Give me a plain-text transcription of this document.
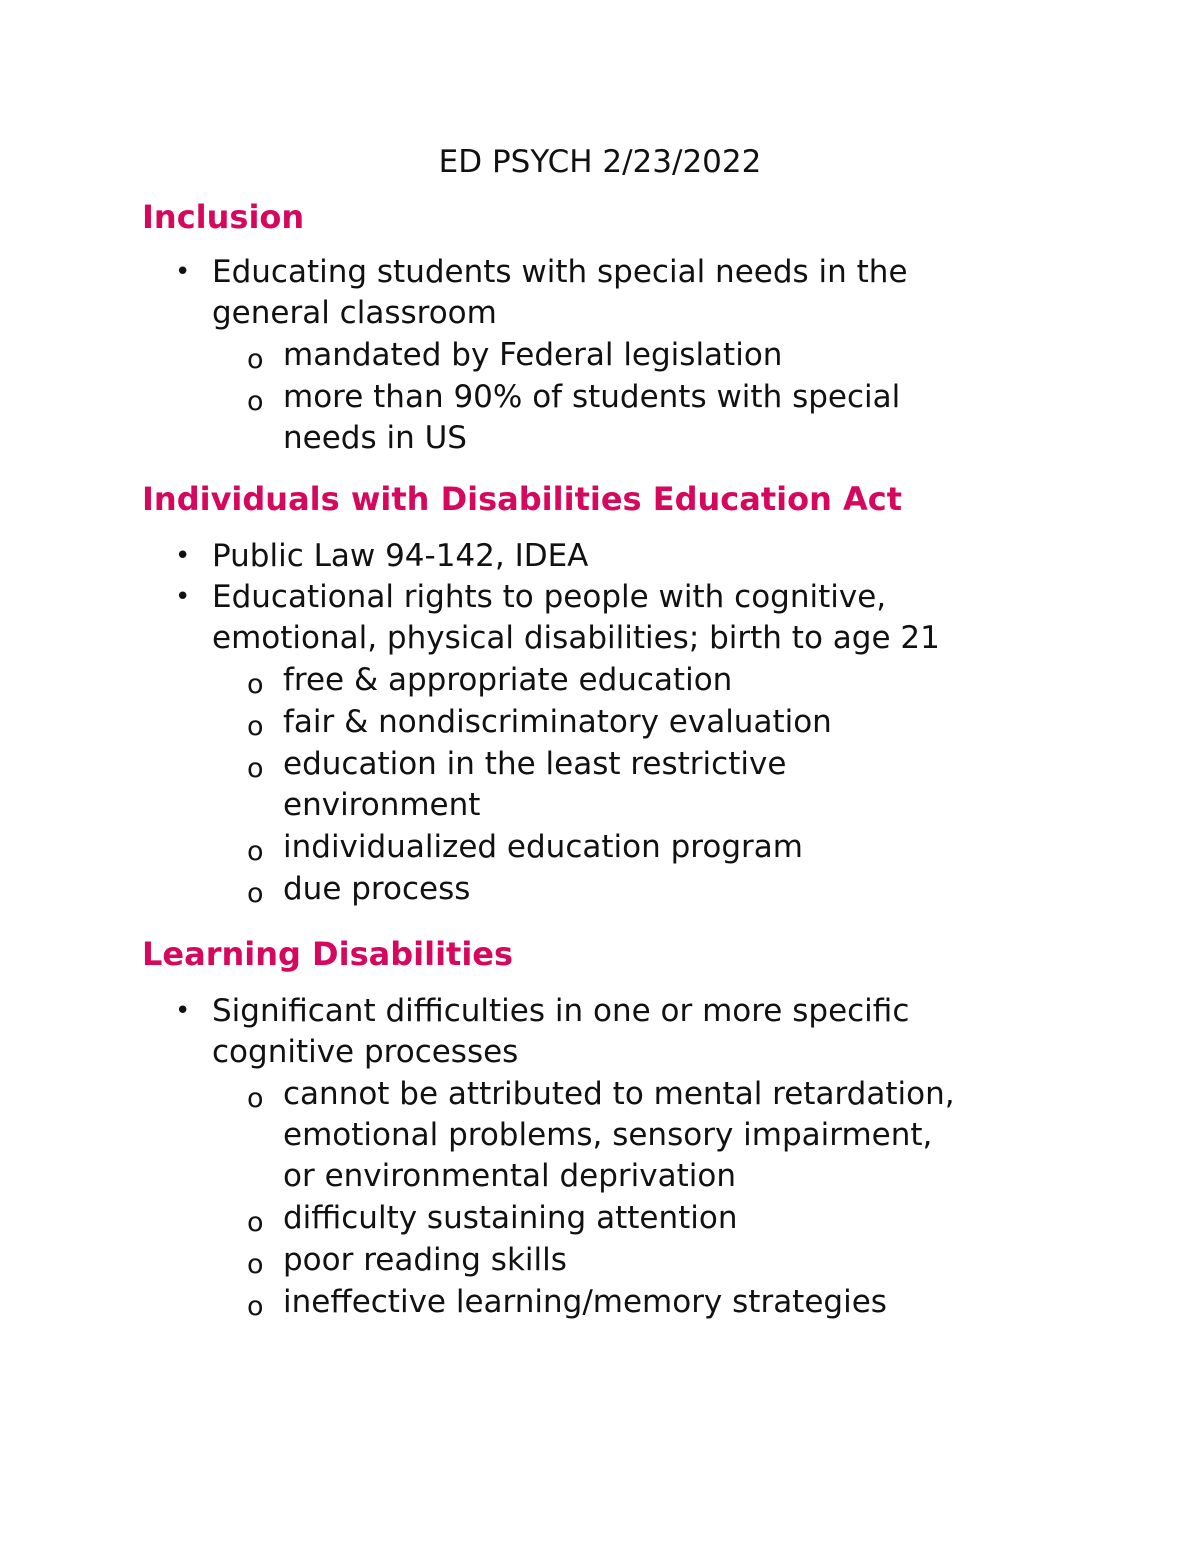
ED PSYCH 2/23/2022
Inclusion
• Educating students with special needs in the
general classroom
o mandated by Federal legislation
o more than 90% of students with special
needs in US
Individuals with Disabilities Education Act
• Public Law 94-142, IDEA
• Educational rights to people with cognitive,
emotional, physical disabilities; birth to age 21
o free & appropriate education
o fair & nondiscriminatory evaluation
o education in the least restrictive
environment
o individualized education program
o due process
Learning Disabilities
• Significant difficulties in one or more specific
cognitive processes
o cannot be attributed to mental retardation,
emotional problems, sensory impairment,
or environmental deprivation
o difficulty sustaining attention
o poor reading skills
o ineffective learning/memory strategies
